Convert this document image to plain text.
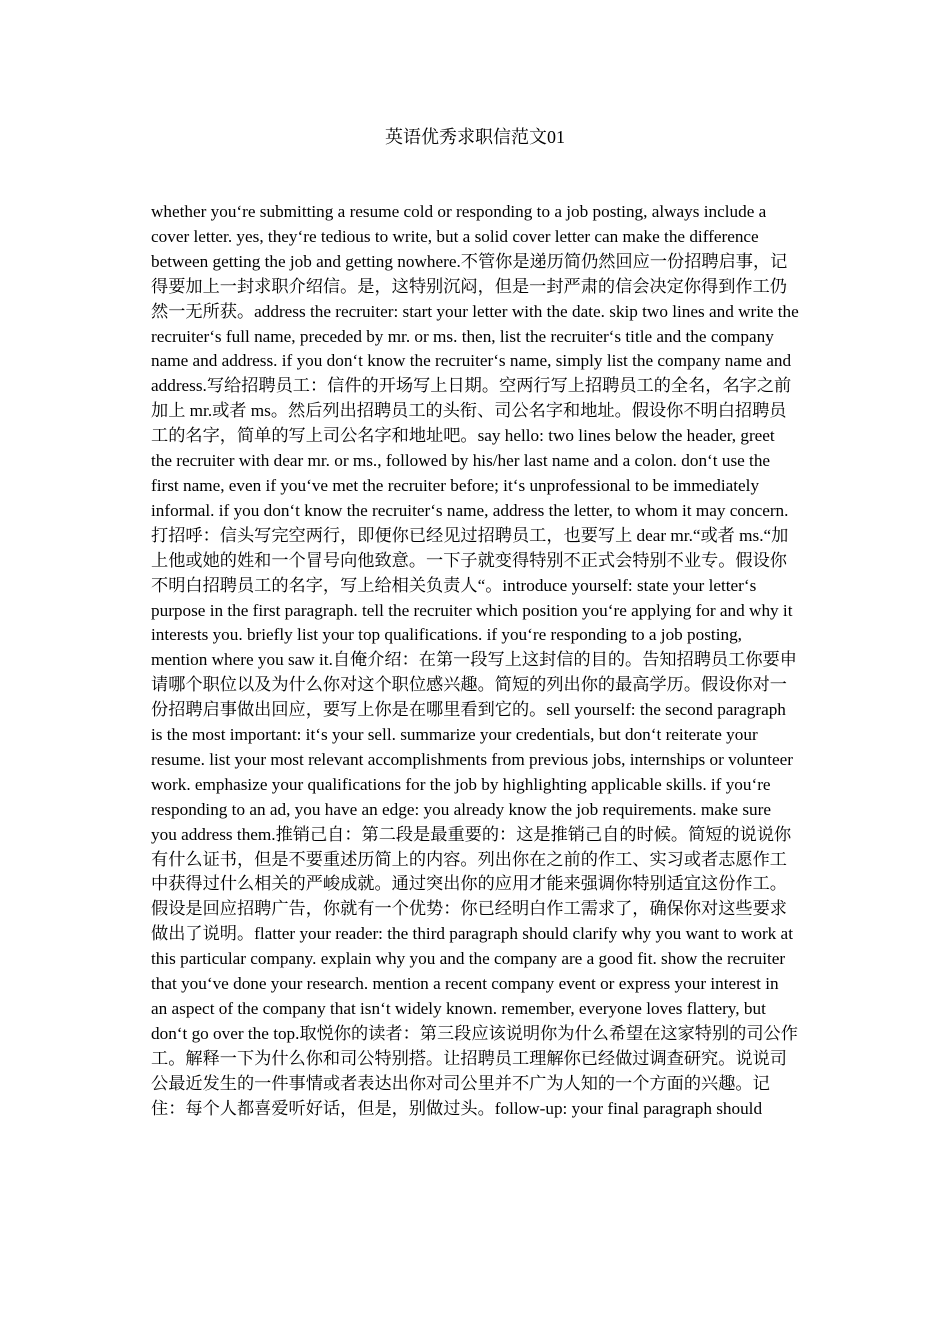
英语优秀求职信范文01

whether you‘re submitting a resume cold or responding to a job posting, always include a cover letter. yes, they‘re tedious to write, but a solid cover letter can make the difference between getting the job and getting nowhere.不管你是递历简仍然回应一份招聘启事，记得要加上一封求职介绍信。是，这特别沉闷，但是一封严肃的信会决定你得到作工仍然一无所获。address the recruiter: start your letter with the date. skip two lines and write the recruiter‘s full name, preceded by mr. or ms. then, list the recruiter‘s title and the company name and address. if you don‘t know the recruiter‘s name, simply list the company name and address.写给招聘员工：信件的开场写上日期。空两行写上招聘员工的全名，名字之前加上 mr.或者 ms。然后列出招聘员工的头衔、司公名字和地址。假设你不明白招聘员工的名字，简单的写上司公名字和地址吧。say hello: two lines below the header, greet the recruiter with dear mr. or ms., followed by his/her last name and a colon. don‘t use the first name, even if you‘ve met the recruiter before; it‘s unprofessional to be immediately informal. if you don‘t know the recruiter‘s name, address the letter, to whom it may concern.打招呼：信头写完空两行，即便你已经见过招聘员工，也要写上 dear mr.“或者 ms.“加上他或她的姓和一个冒号向他致意。一下子就变得特别不正式会特别不业专。假设你不明白招聘员工的名字，写上给相关负责人“。introduce yourself: state your letter‘s purpose in the first paragraph. tell the recruiter which position you‘re applying for and why it interests you. briefly list your top qualifications. if you‘re responding to a job posting, mention where you saw it.自俺介绍：在第一段写上这封信的目的。告知招聘员工你要申请哪个职位以及为什么你对这个职位感兴趣。简短的列出你的最高学历。假设你对一份招聘启事做出回应，要写上你是在哪里看到它的。sell yourself: the second paragraph is the most important: it‘s your sell. summarize your credentials, but don‘t reiterate your resume. list your most relevant accomplishments from previous jobs, internships or volunteer work. emphasize your qualifications for the job by highlighting applicable skills. if you‘re responding to an ad, you have an edge: you already know the job requirements. make sure you address them.推销己自：第二段是最重要的：这是推销己自的时候。简短的说说你有什么证书，但是不要重述历简上的内容。列出你在之前的作工、实习或者志愿作工中获得过什么相关的严峻成就。通过突出你的应用才能来强调你特别适宜这份作工。假设是回应招聘广告，你就有一个优势：你已经明白作工需求了，确保你对这些要求做出了说明。flatter your reader: the third paragraph should clarify why you want to work at this particular company. explain why you and the company are a good fit. show the recruiter that you‘ve done your research. mention a recent company event or express your interest in an aspect of the company that isn‘t widely known. remember, everyone loves flattery, but don‘t go over the top.取悦你的读者：第三段应该说明你为什么希望在这家特别的司公作工。解释一下为什么你和司公特别搭。让招聘员工理解你已经做过调查研究。说说司公最近发生的一件事情或者表达出你对司公里并不广为人知的一个方面的兴趣。记住：每个人都喜爱听好话，但是，别做过头。follow-up: your final paragraph should
